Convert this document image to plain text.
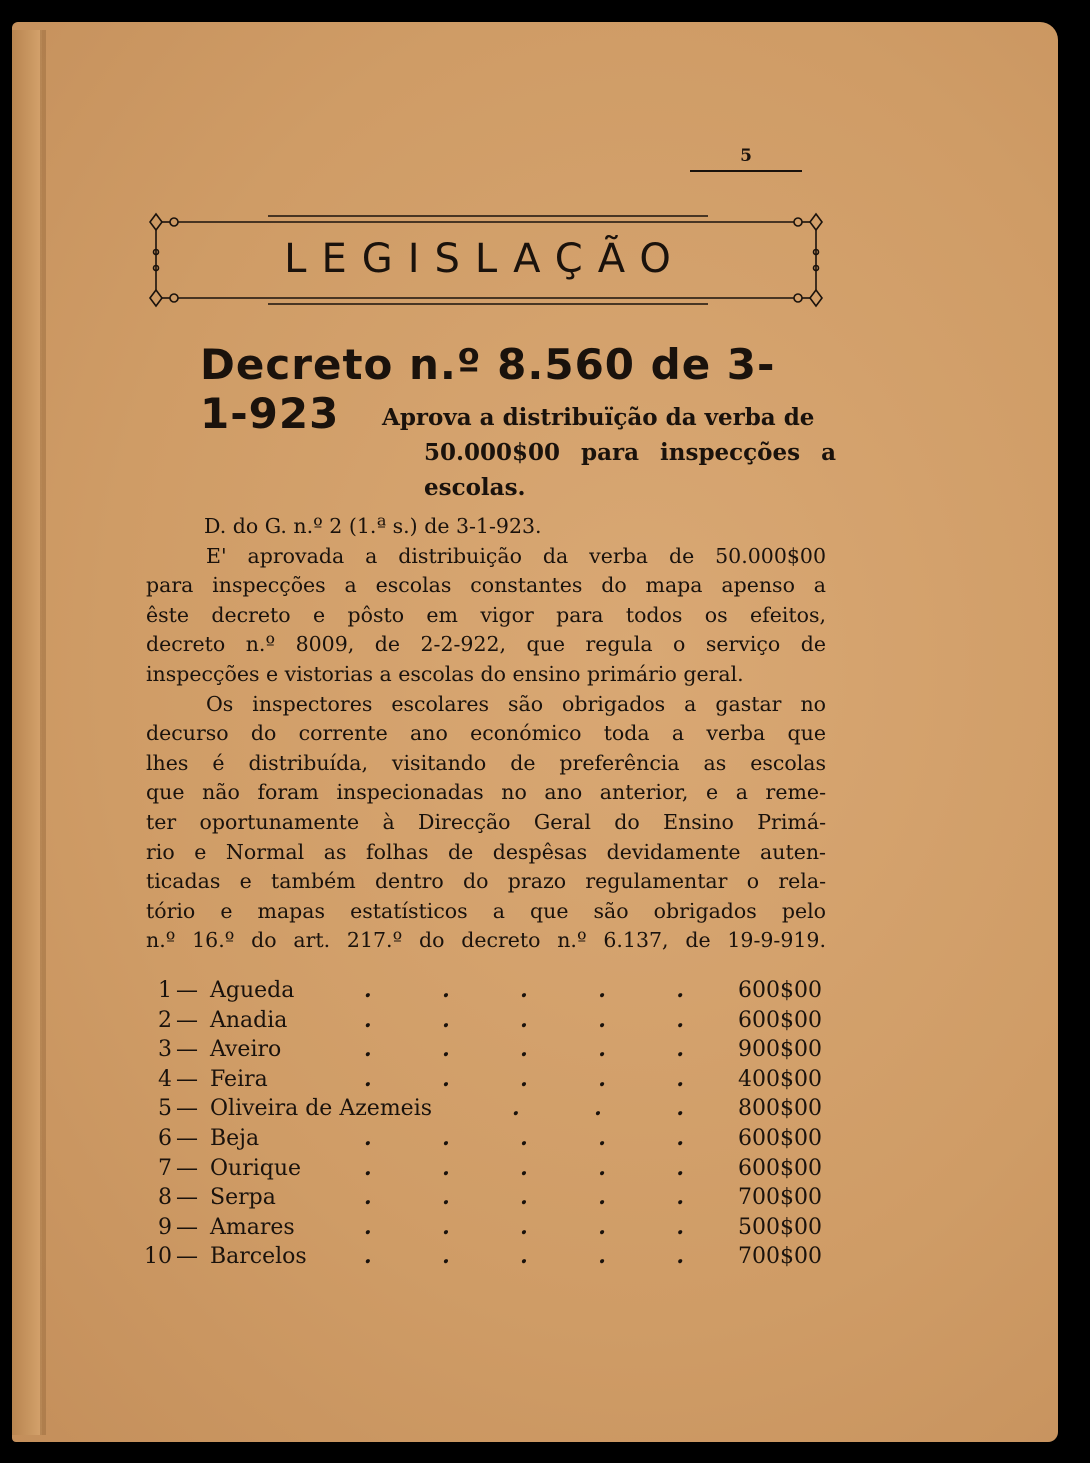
5
LEGISLAÇÃO
Decreto n.º 8.560 de 3-1-923	Aprova a distribuïção da verba de
50.000$00 para inspecções a
escolas.
D. do G. n.º 2 (1.ª s.) de 3-1-923.
E' aprovada a distribuição da verba de 50.000$00
para inspecções a escolas constantes do mapa apenso a
êste decreto e pôsto em vigor para todos os efeitos,
decreto n.º 8009, de 2-2-922, que regula o serviço de
inspecções e vistorias a escolas do ensino primário geral.
Os inspectores escolares são obrigados a gastar no
decurso do corrente ano económico toda a verba que
lhes é distribuída, visitando de preferência as escolas
que não foram inspecionadas no ano anterior, e a reme-
ter oportunamente à Direcção Geral do Ensino Primá-
rio e Normal as folhas de despêsas devidamente auten-
ticadas e também dentro do prazo regulamentar o rela-
tório e mapas estatísticos a que são obrigados pelo
n.º 16.º do art. 217.º do decreto n.º 6.137, de 19-9-919.
1 — Agueda	.	.	.	.	.	600$00
2 — Anadia	.	.	.	.	.	600$00
3 — Aveiro	.	.	.	.	.	900$00
4 — Feira	.	.	.	.	.	400$00
5 — Oliveira de Azemeis	.	.	.	800$00
6 — Beja	.	.	.	.	.	600$00
7 — Ourique	.	.	.	.	.	600$00
8 — Serpa	.	.	.	.	.	700$00
9 — Amares	.	.	.	.	.	500$00
10 — Barcelos	.	.	.	.	.	700$00
